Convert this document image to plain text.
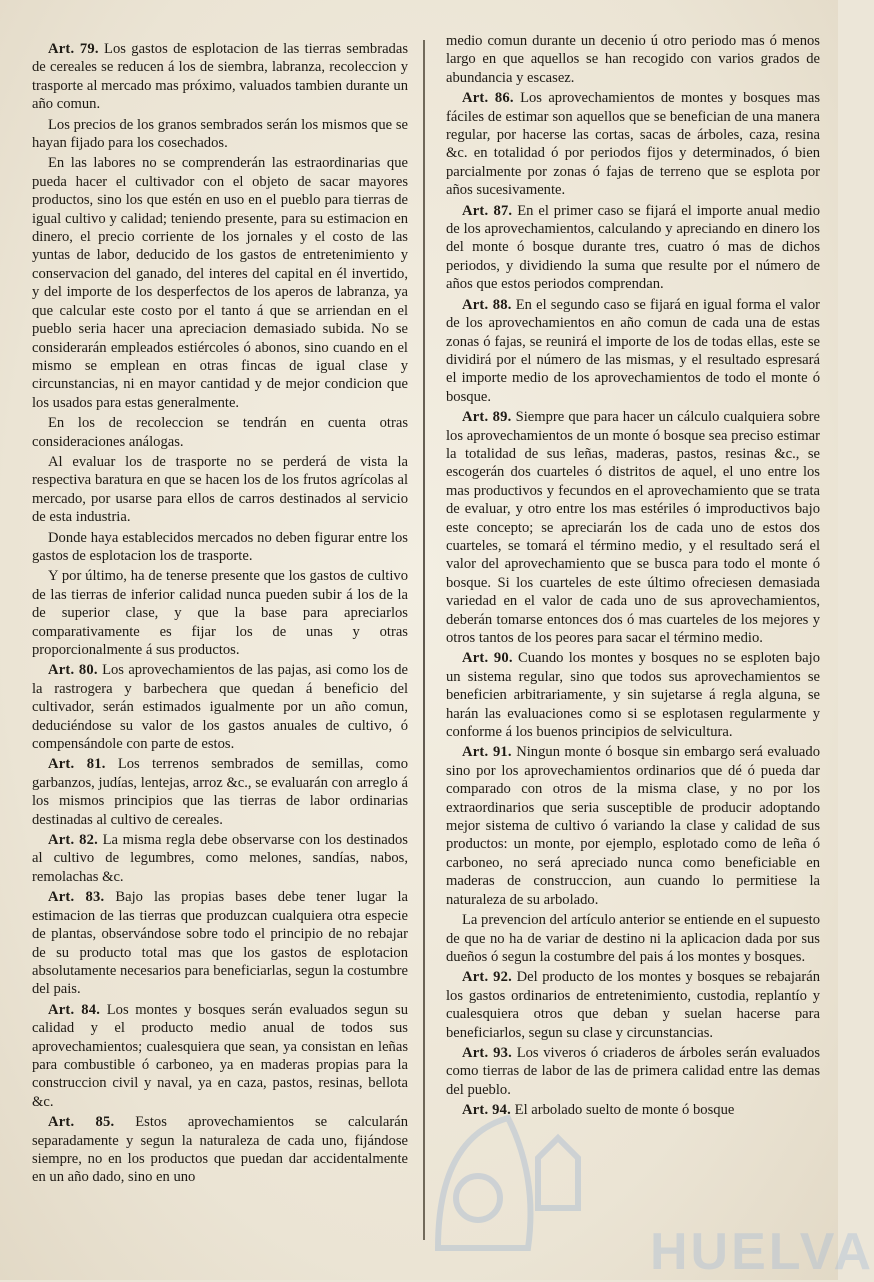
Art. 79. Los gastos de esplotacion de las tierras sembradas de cereales se reducen á los de siembra, labranza, recoleccion y trasporte al mercado mas próximo, valuados tambien durante un año comun.

Los precios de los granos sembrados serán los mismos que se hayan fijado para los cosechados.

En las labores no se comprenderán las estraordinarias que pueda hacer el cultivador con el objeto de sacar mayores productos, sino los que estén en uso en el pueblo para tierras de igual cultivo y calidad; teniendo presente, para su estimacion en dinero, el precio corriente de los jornales y el costo de las yuntas de labor, deducido de los gastos de entretenimiento y conservacion del ganado, del interes del capital en él invertido, y del importe de los desperfectos de los aperos de labranza, ya que calcular este costo por el tanto á que se arriendan en el pueblo seria hacer una apreciacion demasiado subida. No se considerarán empleados estiércoles ó abonos, sino cuando en el mismo se emplean en otras fincas de igual clase y circunstancias, ni en mayor cantidad y de mejor condicion que los usados para estas generalmente.

En los de recoleccion se tendrán en cuenta otras consideraciones análogas.

Al evaluar los de trasporte no se perderá de vista la respectiva baratura en que se hacen los de los frutos agrícolas al mercado, por usarse para ellos de carros destinados al servicio de esta industria.

Donde haya establecidos mercados no deben figurar entre los gastos de esplotacion los de trasporte.

Y por último, ha de tenerse presente que los gastos de cultivo de las tierras de inferior calidad nunca pueden subir á los de la de superior clase, y que la base para apreciarlos comparativamente es fijar los de unas y otras proporcionalmente á sus productos.

Art. 80. Los aprovechamientos de las pajas, asi como los de la rastrogera y barbechera que quedan á beneficio del cultivador, serán estimados igualmente por un año comun, deduciéndose su valor de los gastos anuales de cultivo, ó compensándole con parte de estos.

Art. 81. Los terrenos sembrados de semillas, como garbanzos, judías, lentejas, arroz &c., se evaluarán con arreglo á los mismos principios que las tierras de labor ordinarias destinadas al cultivo de cereales.

Art. 82. La misma regla debe observarse con los destinados al cultivo de legumbres, como melones, sandías, nabos, remolachas &c.

Art. 83. Bajo las propias bases debe tener lugar la estimacion de las tierras que produzcan cualquiera otra especie de plantas, observándose sobre todo el principio de no rebajar de su producto total mas que los gastos de esplotacion absolutamente necesarios para beneficiarlas, segun la costumbre del pais.

Art. 84. Los montes y bosques serán evaluados segun su calidad y el producto medio anual de todos sus aprovechamientos; cualesquiera que sean, ya consistan en leñas para combustible ó carboneo, ya en maderas propias para la construccion civil y naval, ya en caza, pastos, resinas, bellota &c.

Art. 85. Estos aprovechamientos se calcularán separadamente y segun la naturaleza de cada uno, fijándose siempre, no en los productos que puedan dar accidentalmente en un año dado, sino en uno

medio comun durante un decenio ú otro periodo mas ó menos largo en que aquellos se han recogido con varios grados de abundancia y escasez.

Art. 86. Los aprovechamientos de montes y bosques mas fáciles de estimar son aquellos que se benefician de una manera regular, por hacerse las cortas, sacas de árboles, caza, resina &c. en totalidad ó por periodos fijos y determinados, ó bien parcialmente por zonas ó fajas de terreno que se esplota por años sucesivamente.

Art. 87. En el primer caso se fijará el importe anual medio de los aprovechamientos, calculando y apreciando en dinero los del monte ó bosque durante tres, cuatro ó mas de dichos periodos, y dividiendo la suma que resulte por el número de años que estos periodos comprendan.

Art. 88. En el segundo caso se fijará en igual forma el valor de los aprovechamientos en año comun de cada una de estas zonas ó fajas, se reunirá el importe de los de todas ellas, este se dividirá por el número de las mismas, y el resultado espresará el importe medio de los aprovechamientos de todo el monte ó bosque.

Art. 89. Siempre que para hacer un cálculo cualquiera sobre los aprovechamientos de un monte ó bosque sea preciso estimar la totalidad de sus leñas, maderas, pastos, resinas &c., se escogerán dos cuarteles ó distritos de aquel, el uno entre los mas productivos y fecundos en el aprovechamiento que se trata de evaluar, y otro entre los mas estériles ó improductivos bajo este concepto; se apreciarán los de cada uno de estos dos cuarteles, se tomará el término medio, y el resultado será el valor del aprovechamiento que se busca para todo el monte ó bosque. Si los cuarteles de este último ofreciesen demasiada variedad en el valor de cada uno de sus aprovechamientos, deberán tomarse entonces dos ó mas cuarteles de los mejores y otros tantos de los peores para sacar el término medio.

Art. 90. Cuando los montes y bosques no se esploten bajo un sistema regular, sino que todos sus aprovechamientos se beneficien arbitrariamente, y sin sujetarse á regla alguna, se harán las evaluaciones como si se esplotasen regularmente y conforme á los buenos principios de selvicultura.

Art. 91. Ningun monte ó bosque sin embargo será evaluado sino por los aprovechamientos ordinarios que dé ó pueda dar comparado con otros de la misma clase, y no por los extraordinarios que seria susceptible de producir adoptando mejor sistema de cultivo ó variando la clase y calidad de sus productos: un monte, por ejemplo, esplotado como de leña ó carboneo, no será apreciado nunca como beneficiable en maderas de construccion, aun cuando lo permitiese la naturaleza de su arbolado.

La prevencion del artículo anterior se entiende en el supuesto de que no ha de variar de destino ni la aplicacion dada por sus dueños ó segun la costumbre del pais á los montes y bosques.

Art. 92. Del producto de los montes y bosques se rebajarán los gastos ordinarios de entretenimiento, custodia, replantío y cualesquiera otros que deban y suelan hacerse para beneficiarlos, segun su clase y circunstancias.

Art. 93. Los viveros ó criaderos de árboles serán evaluados como tierras de labor de las de primera calidad entre las demas del pueblo.

Art. 94. El arbolado suelto de monte ó bosque

HUELVA
